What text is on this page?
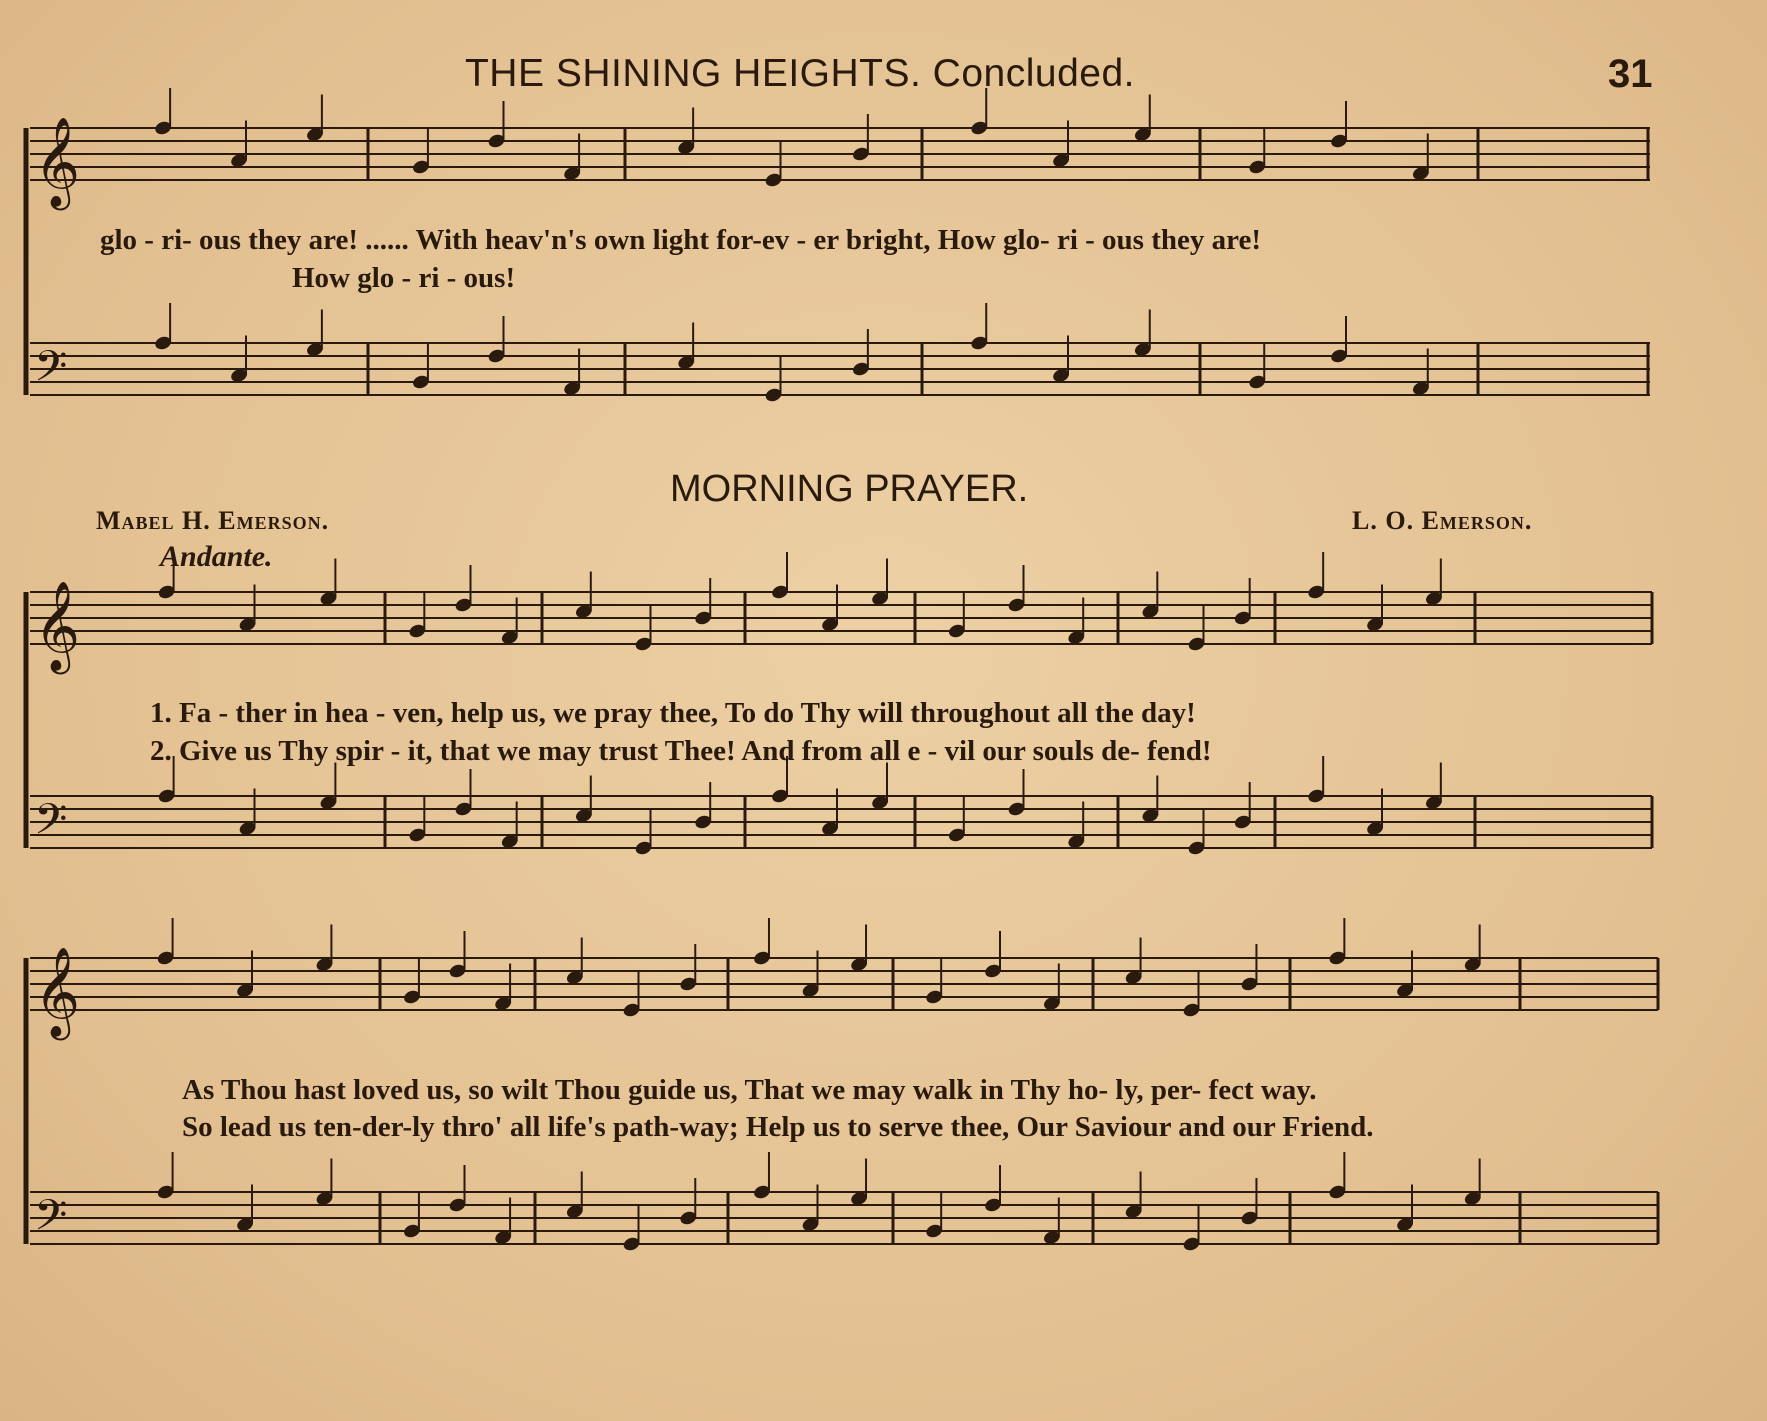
𝄞
𝄢
𝄞
𝄢
𝄞
𝄢
THE SHINING HEIGHTS. Concluded.	31
glo - ri- ous they are! ...... With heav'n's own light for-ev - er bright, How glo- ri - ous they are!
How glo - ri - ous!
MORNING PRAYER.
Mabel H. Emerson.	L. O. Emerson.
Andante.
1. Fa - ther in hea - ven, help us, we pray thee, To do Thy will throughout all the day!
2. Give us Thy spir - it, that we may trust Thee! And from all e - vil our souls de- fend!
As Thou hast loved us, so wilt Thou guide us, That we may walk in Thy ho- ly, per- fect way.
So lead us ten-der-ly thro' all life's path-way; Help us to serve thee, Our Saviour and our Friend.
